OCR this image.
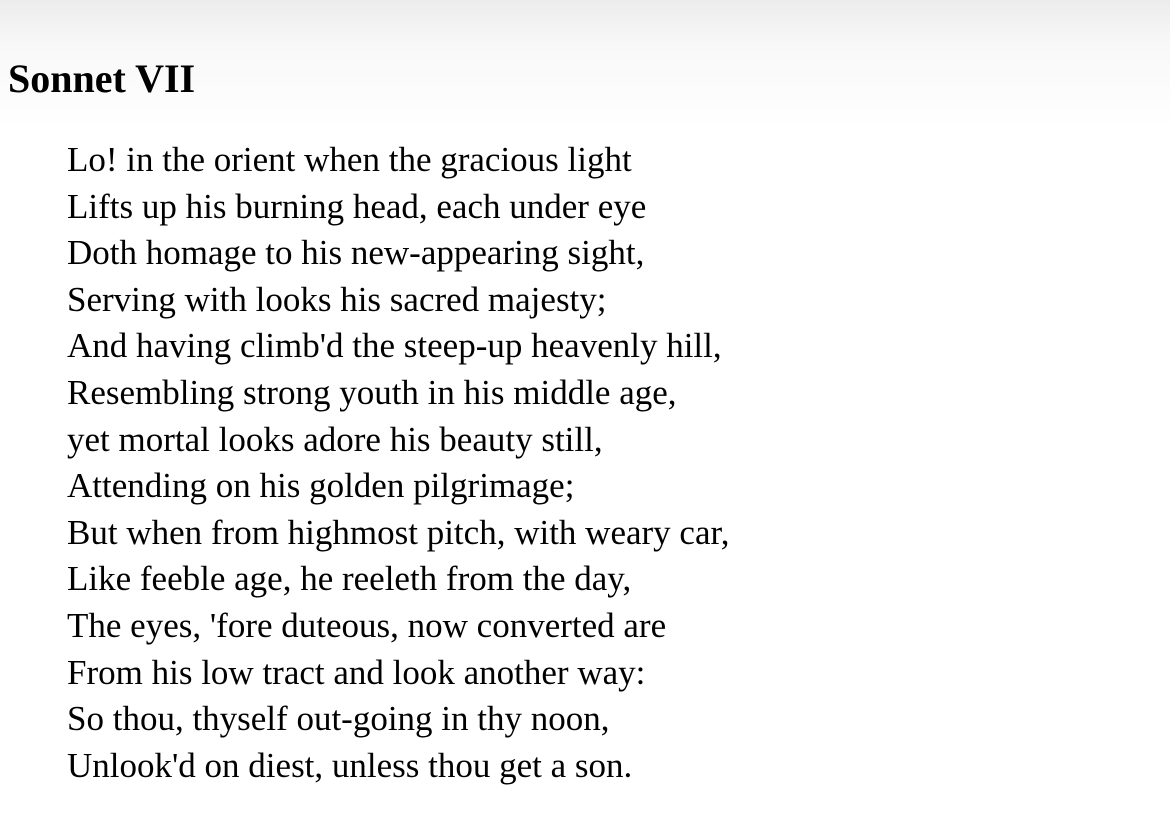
Sonnet VII
Lo! in the orient when the gracious light
Lifts up his burning head, each under eye
Doth homage to his new-appearing sight,
Serving with looks his sacred majesty;
And having climb'd the steep-up heavenly hill,
Resembling strong youth in his middle age,
yet mortal looks adore his beauty still,
Attending on his golden pilgrimage;
But when from highmost pitch, with weary car,
Like feeble age, he reeleth from the day,
The eyes, 'fore duteous, now converted are
From his low tract and look another way:
So thou, thyself out-going in thy noon,
Unlook'd on diest, unless thou get a son.
